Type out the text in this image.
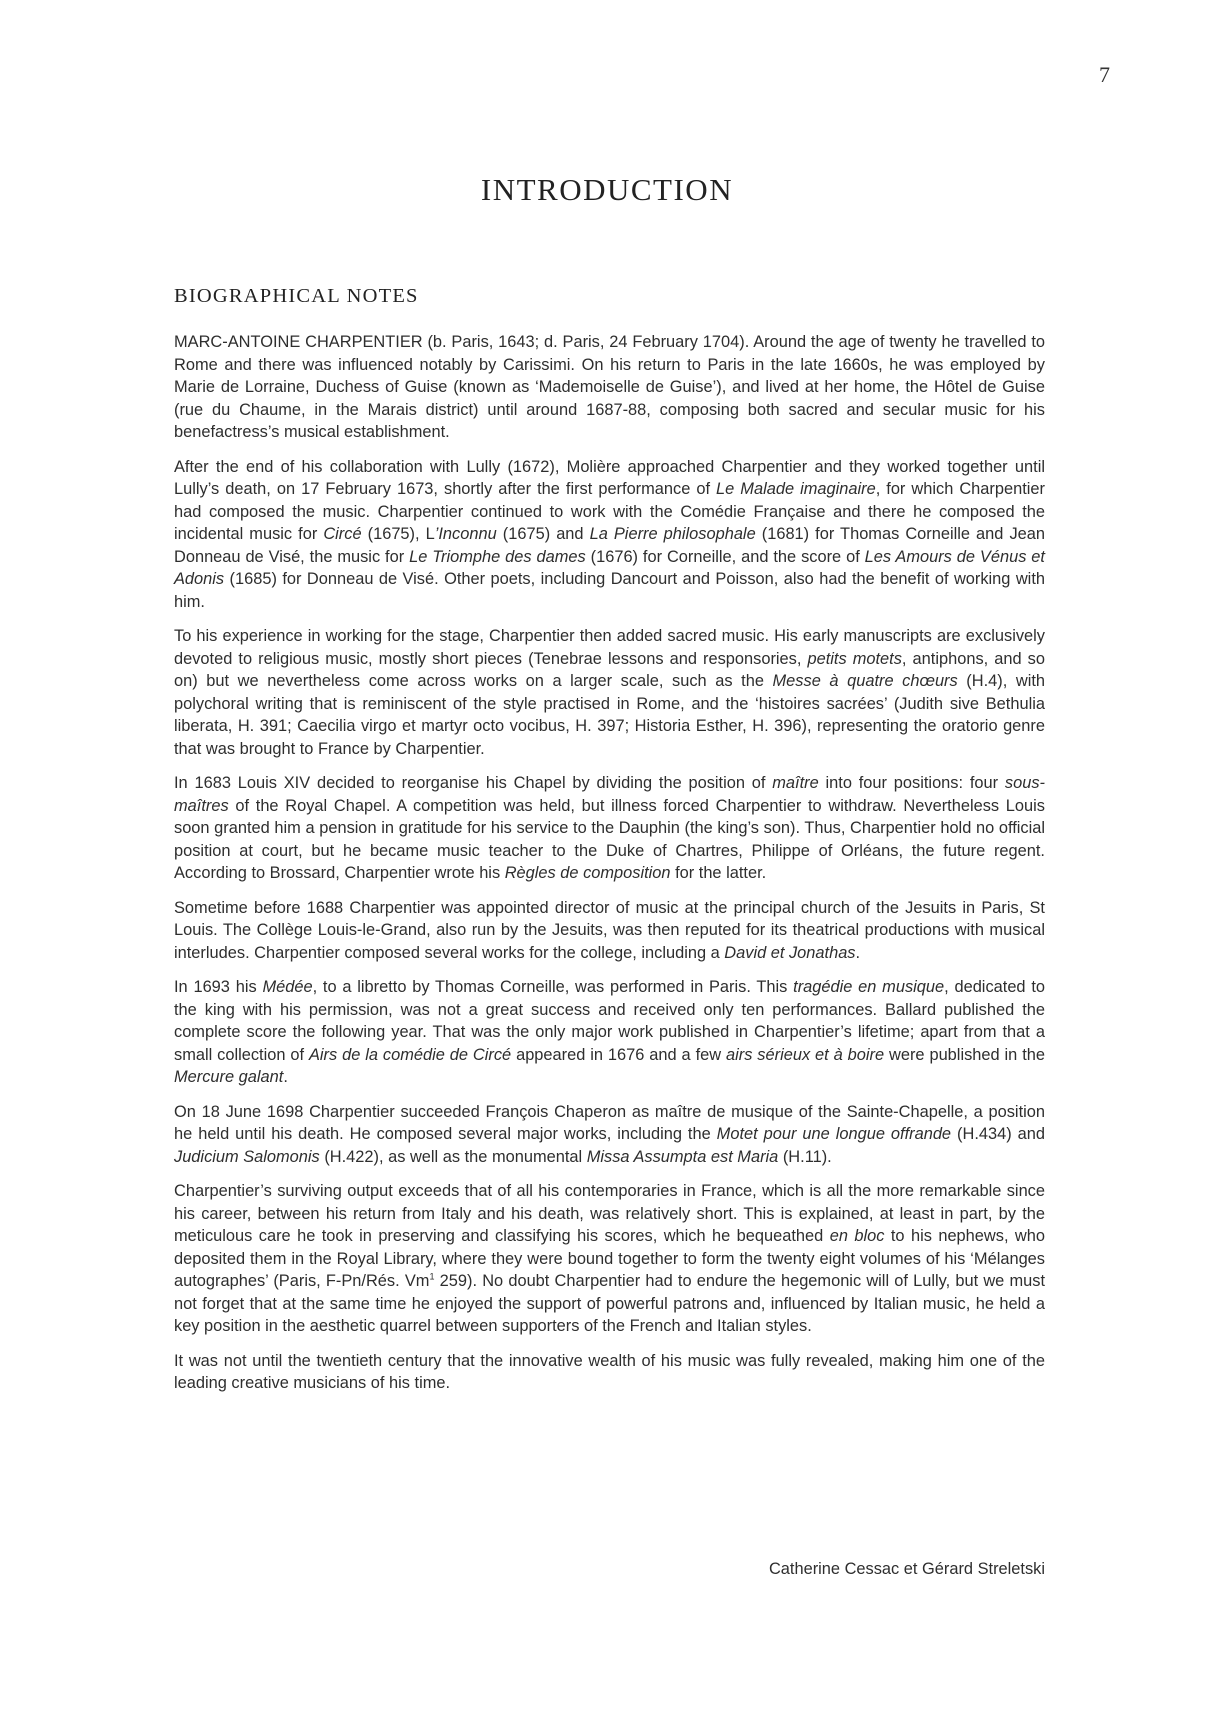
7
INTRODUCTION
BIOGRAPHICAL NOTES

MARC-ANTOINE CHARPENTIER (b. Paris, 1643; d. Paris, 24 February 1704). Around the age of twenty he travelled to Rome and there was influenced notably by Carissimi. On his return to Paris in the late 1660s, he was employed by Marie de Lorraine, Duchess of Guise (known as ‘Mademoiselle de Guise’), and lived at her home, the Hôtel de Guise (rue du Chaume, in the Marais district) until around 1687-88, composing both sacred and secular music for his benefactress’s musical establishment.

After the end of his collaboration with Lully (1672), Molière approached Charpentier and they worked together until Lully’s death, on 17 February 1673, shortly after the first performance of Le Malade imaginaire, for which Charpentier had composed the music. Charpentier continued to work with the Comédie Française and there he composed the incidental music for Circé (1675), L’Inconnu (1675) and La Pierre philosophale (1681) for Thomas Corneille and Jean Donneau de Visé, the music for Le Triomphe des dames (1676) for Corneille, and the score of Les Amours de Vénus et Adonis (1685) for Donneau de Visé. Other poets, including Dancourt and Poisson, also had the benefit of working with him.

To his experience in working for the stage, Charpentier then added sacred music. His early manuscripts are exclusively devoted to religious music, mostly short pieces (Tenebrae lessons and responsories, petits motets, antiphons, and so on) but we nevertheless come across works on a larger scale, such as the Messe à quatre chœurs (H.4), with polychoral writing that is reminiscent of the style practised in Rome, and the ‘histoires sacrées’ (Judith sive Bethulia liberata, H. 391; Caecilia virgo et martyr octo vocibus, H. 397; Historia Esther, H. 396), representing the oratorio genre that was brought to France by Charpentier.

In 1683 Louis XIV decided to reorganise his Chapel by dividing the position of maître into four positions: four sous-maîtres of the Royal Chapel. A competition was held, but illness forced Charpentier to withdraw. Nevertheless Louis soon granted him a pension in gratitude for his service to the Dauphin (the king’s son). Thus, Charpentier hold no official position at court, but he became music teacher to the Duke of Chartres, Philippe of Orléans, the future regent. According to Brossard, Charpentier wrote his Règles de composition for the latter.

Sometime before 1688 Charpentier was appointed director of music at the principal church of the Jesuits in Paris, St Louis. The Collège Louis-le-Grand, also run by the Jesuits, was then reputed for its theatrical productions with musical interludes. Charpentier composed several works for the college, including a David et Jonathas.

In 1693 his Médée, to a libretto by Thomas Corneille, was performed in Paris. This tragédie en musique, dedicated to the king with his permission, was not a great success and received only ten performances. Ballard published the complete score the following year. That was the only major work published in Charpentier’s lifetime; apart from that a small collection of Airs de la comédie de Circé appeared in 1676 and a few airs sérieux et à boire were published in the Mercure galant.

On 18 June 1698 Charpentier succeeded François Chaperon as maître de musique of the Sainte-Chapelle, a position he held until his death. He composed several major works, including the Motet pour une longue offrande (H.434) and Judicium Salomonis (H.422), as well as the monumental Missa Assumpta est Maria (H.11).

Charpentier’s surviving output exceeds that of all his contemporaries in France, which is all the more remarkable since his career, between his return from Italy and his death, was relatively short. This is explained, at least in part, by the meticulous care he took in preserving and classifying his scores, which he bequeathed en bloc to his nephews, who deposited them in the Royal Library, where they were bound together to form the twenty eight volumes of his ‘Mélanges autographes’ (Paris, F-Pn/Rés. Vm$^1$ 259). No doubt Charpentier had to endure the hegemonic will of Lully, but we must not forget that at the same time he enjoyed the support of powerful patrons and, influenced by Italian music, he held a key position in the aesthetic quarrel between supporters of the French and Italian styles.

It was not until the twentieth century that the innovative wealth of his music was fully revealed, making him one of the leading creative musicians of his time.

Catherine Cessac et Gérard Streletski
